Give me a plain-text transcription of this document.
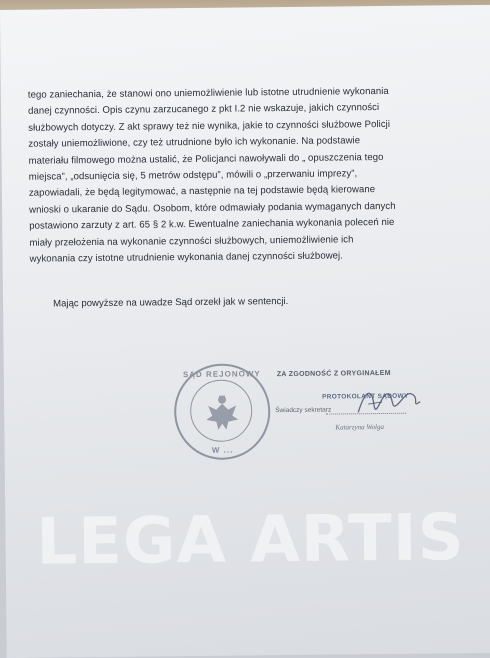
tego zaniechania, że stanowi ono uniemożliwienie lub istotne utrudnienie wykonania

danej czynności. Opis czynu zarzucanego z pkt I.2 nie wskazuje, jakich czynności

służbowych dotyczy. Z akt sprawy też nie wynika, jakie to czynności służbowe Policji

zostały uniemożliwione, czy też utrudnione było ich wykonanie. Na podstawie

materiału filmowego można ustalić, że Policjanci nawoływali do „ opuszczenia tego

miejsca”, „odsunięcia się, 5 metrów odstępu”, mówili o „przerwaniu imprezy”,

zapowiadali, że będą legitymować, a następnie na tej podstawie będą kierowane

wnioski o ukaranie do Sądu. Osobom, które odmawiały podania wymaganych danych

postawiono zarzuty z art. 65 § 2 k.w. Ewentualne zaniechania wykonania poleceń nie

miały przełożenia na wykonanie czynności służbowych, uniemożliwienie ich

wykonania czy istotne utrudnienie wykonania danej czynności służbowej.

Mając powyższe na uwadze Sąd orzekł jak w sentencji.
SĄD REJONOWY
W ...
ZA ZGODNOŚĆ Z ORYGINAŁEM
PROTOKOLANT SĄDOWY
Świadczy sekretarz
Katarzyna Wolga
LEGA ARTIS
